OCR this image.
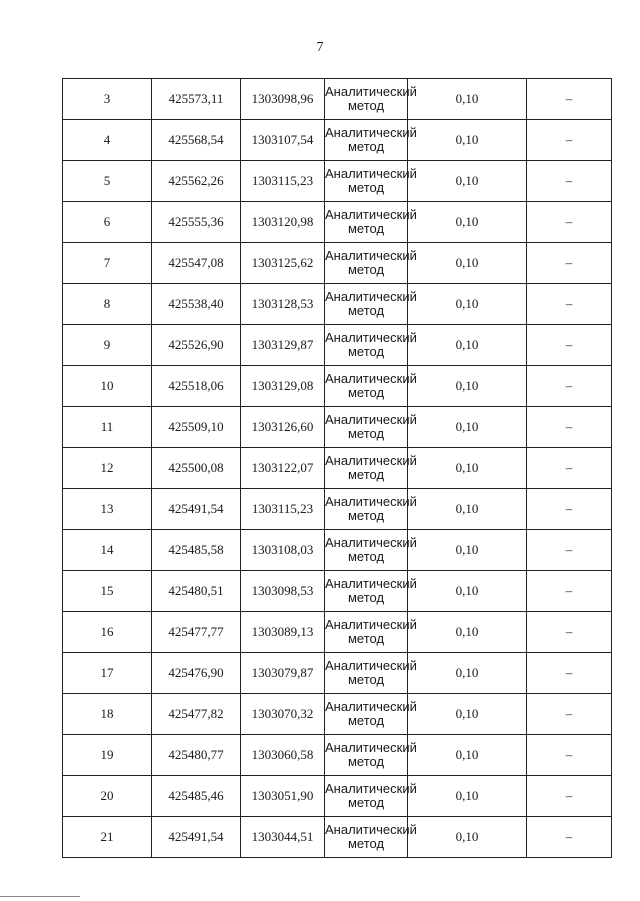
7
3	425573,11	1303098,96	Аналитический
метод	0,10	–
4	425568,54	1303107,54	Аналитический
метод	0,10	–
5	425562,26	1303115,23	Аналитический
метод	0,10	–
6	425555,36	1303120,98	Аналитический
метод	0,10	–
7	425547,08	1303125,62	Аналитический
метод	0,10	–
8	425538,40	1303128,53	Аналитический
метод	0,10	–
9	425526,90	1303129,87	Аналитический
метод	0,10	–
10	425518,06	1303129,08	Аналитический
метод	0,10	–
11	425509,10	1303126,60	Аналитический
метод	0,10	–
12	425500,08	1303122,07	Аналитический
метод	0,10	–
13	425491,54	1303115,23	Аналитический
метод	0,10	–
14	425485,58	1303108,03	Аналитический
метод	0,10	–
15	425480,51	1303098,53	Аналитический
метод	0,10	–
16	425477,77	1303089,13	Аналитический
метод	0,10	–
17	425476,90	1303079,87	Аналитический
метод	0,10	–
18	425477,82	1303070,32	Аналитический
метод	0,10	–
19	425480,77	1303060,58	Аналитический
метод	0,10	–
20	425485,46	1303051,90	Аналитический
метод	0,10	–
21	425491,54	1303044,51	Аналитический
метод	0,10	–
